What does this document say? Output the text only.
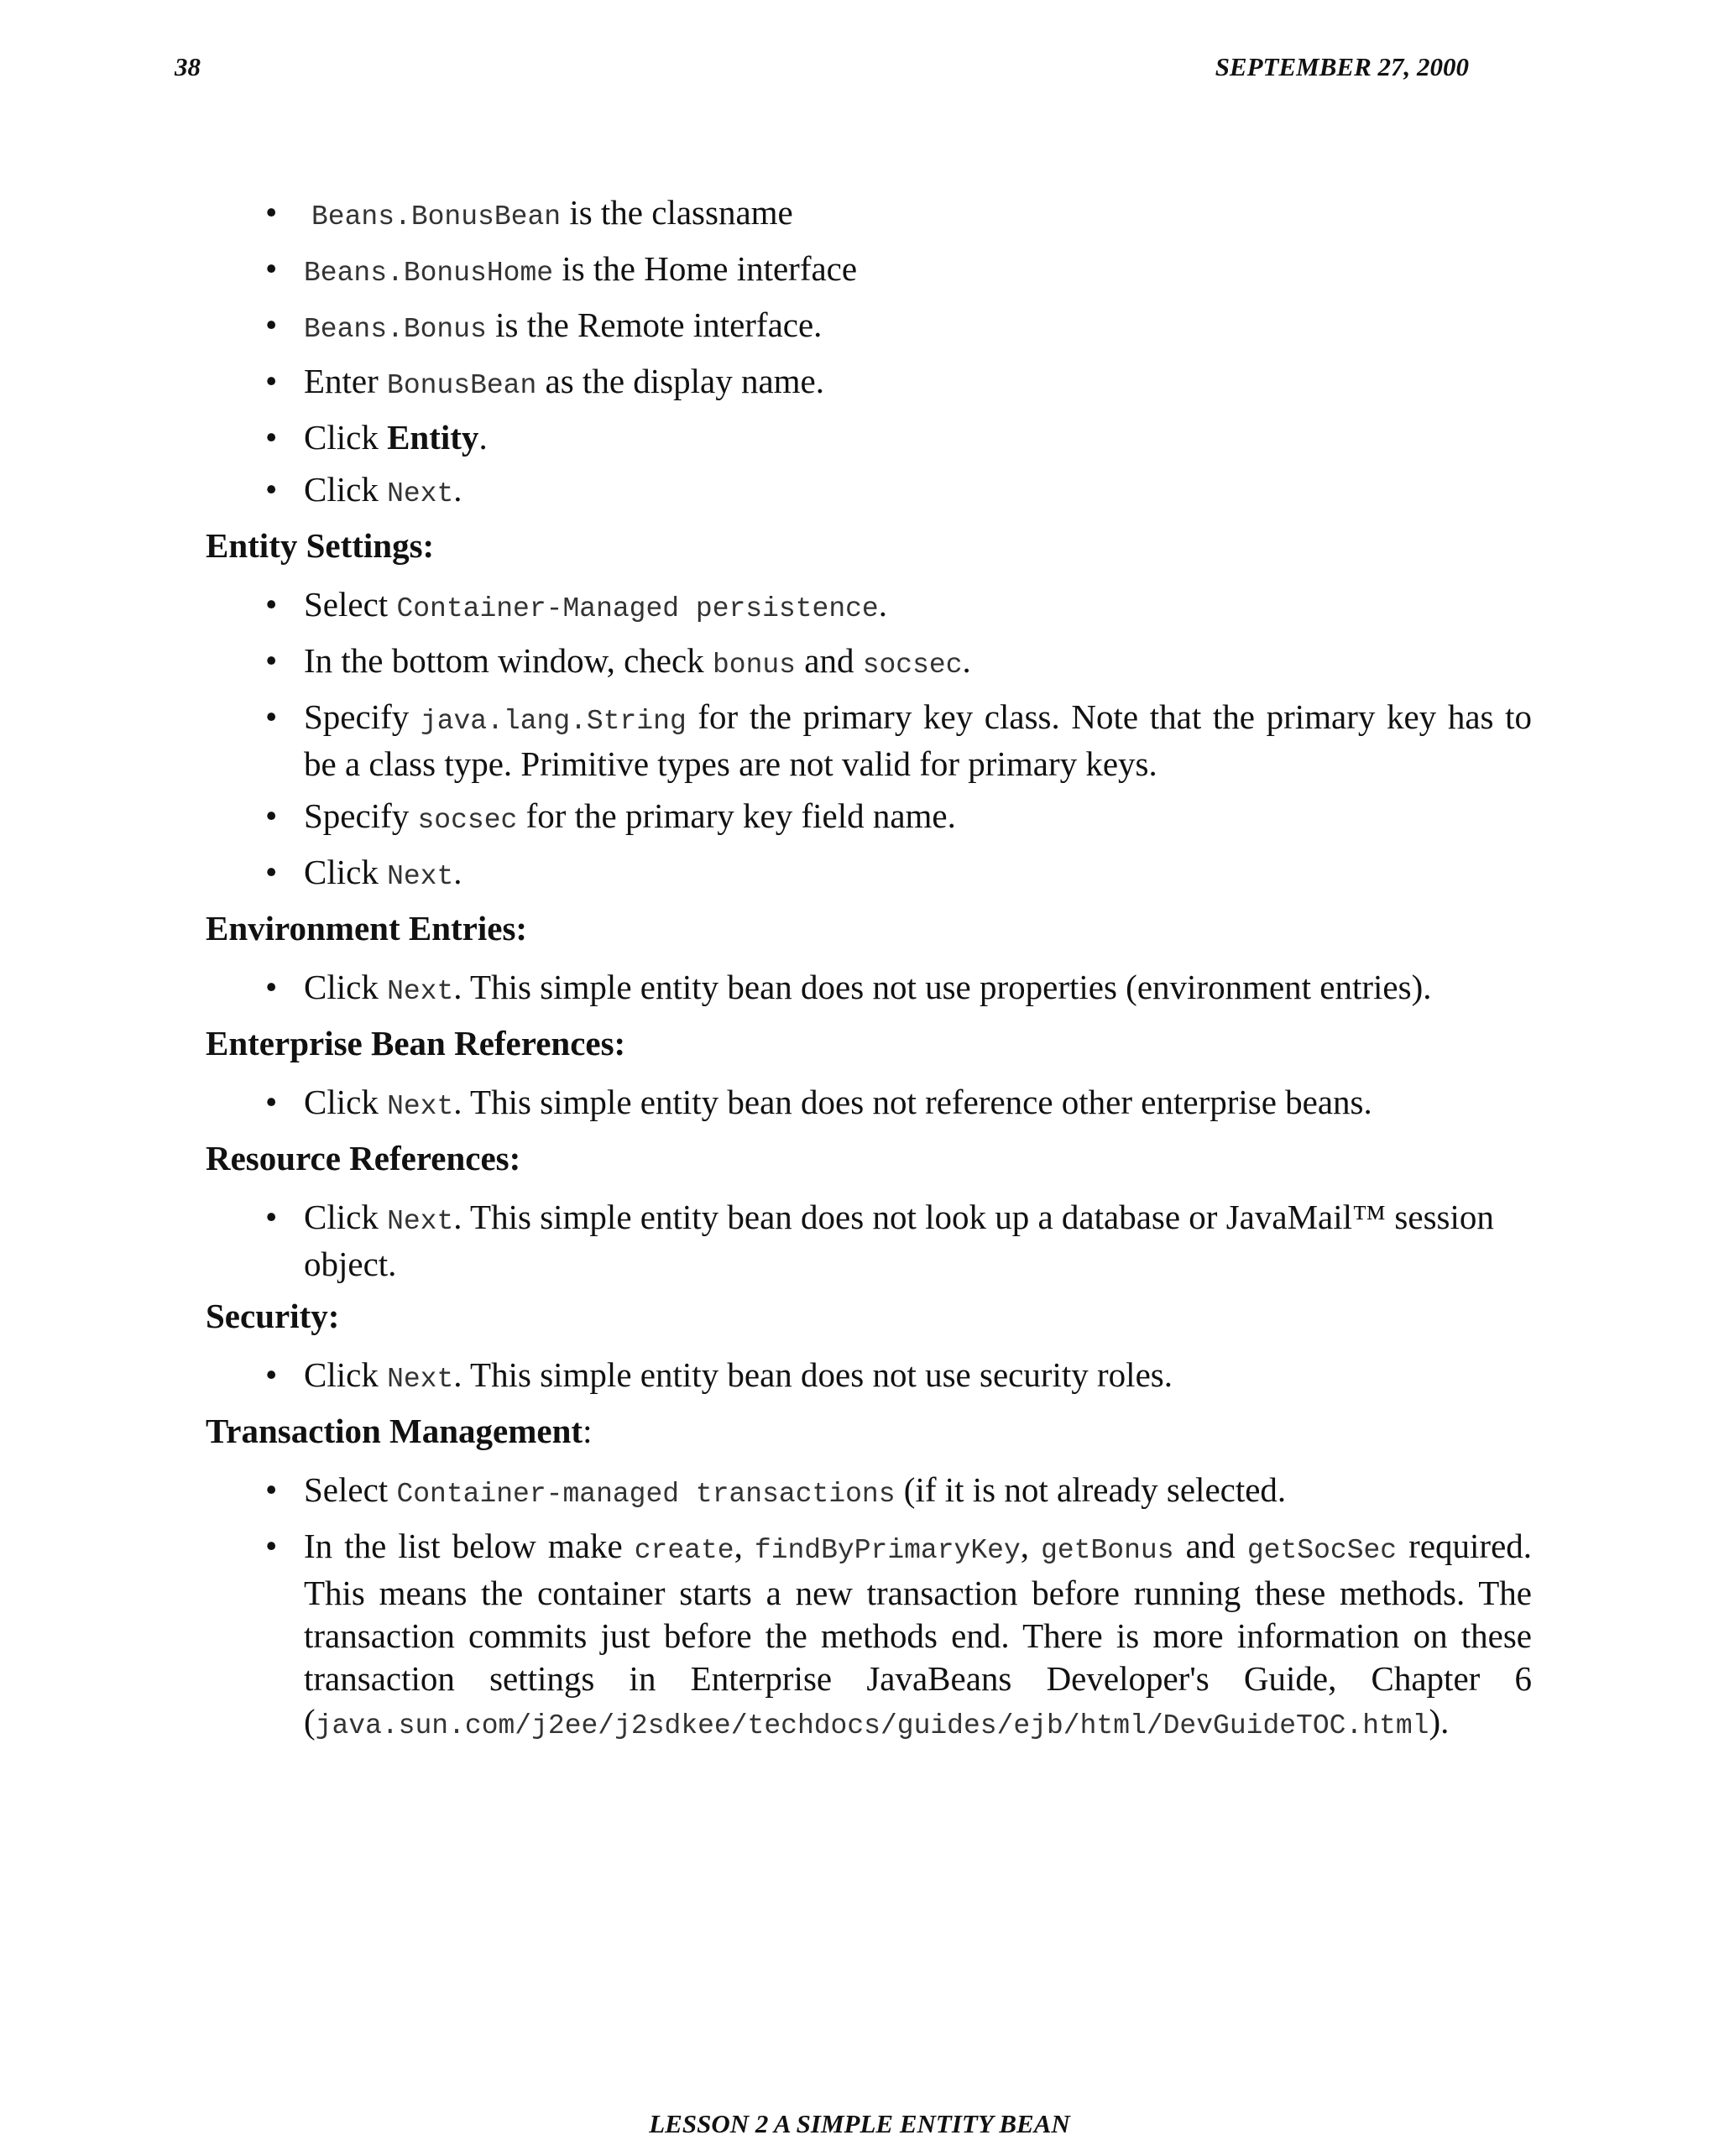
38	SEPTEMBER 27, 2000
• Beans.BonusBean is the classname
• Beans.BonusHome is the Home interface
• Beans.Bonus is the Remote interface.
• Enter BonusBean as the display name.
• Click Entity.
• Click Next.
Entity Settings:
• Select Container-Managed persistence.
• In the bottom window, check bonus and socsec.
• Specify java.lang.String for the primary key class. Note that the primary key has to be a class type. Primitive types are not valid for primary keys.
• Specify socsec for the primary key field name.
• Click Next.
Environment Entries:
• Click Next. This simple entity bean does not use properties (environment entries).
Enterprise Bean References:
• Click Next. This simple entity bean does not reference other enterprise beans.
Resource References:
• Click Next. This simple entity bean does not look up a database or JavaMail™ session object.
Security:
• Click Next. This simple entity bean does not use security roles.
Transaction Management:
• Select Container-managed transactions (if it is not already selected.
• In the list below make create, findByPrimaryKey, getBonus and getSocSec required. This means the container starts a new transaction before running these methods. The transaction commits just before the methods end. There is more information on these transaction settings in Enterprise JavaBeans Developer's Guide, Chapter 6 (java.sun.com/j2ee/j2sdkee/techdocs/guides/ejb/html/DevGuideTOC.html).
LESSON 2 A SIMPLE ENTITY BEAN
